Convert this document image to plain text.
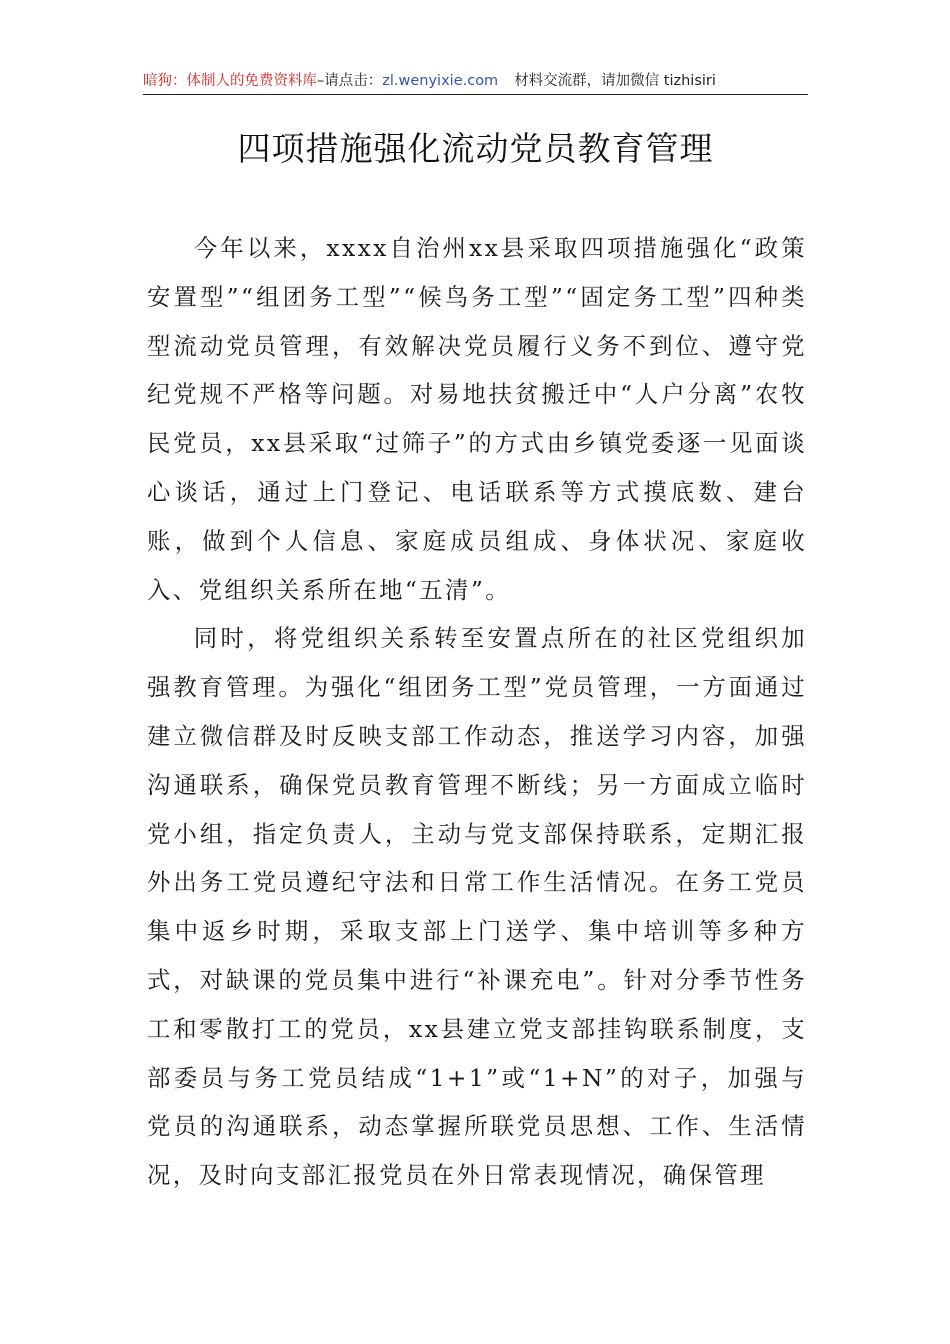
暗狗：体制人的免费资料库–请点击：zl.wenyixie.com 材料交流群，请加微信 tizhisiri
四项措施强化流动党员教育管理

今年以来，xxxx自治州xx县采取四项措施强化“政策安置型”“组团务工型”“候鸟务工型”“固定务工型”四种类型流动党员管理，有效解决党员履行义务不到位、遵守党纪党规不严格等问题。对易地扶贫搬迁中“人户分离”农牧民党员，xx县采取“过筛子”的方式由乡镇党委逐一见面谈心谈话，通过上门登记、电话联系等方式摸底数、建台账，做到个人信息、家庭成员组成、身体状况、家庭收入、党组织关系所在地“五清”。

同时，将党组织关系转至安置点所在的社区党组织加强教育管理。为强化“组团务工型”党员管理，一方面通过建立微信群及时反映支部工作动态，推送学习内容，加强沟通联系，确保党员教育管理不断线；另一方面成立临时党小组，指定负责人，主动与党支部保持联系，定期汇报外出务工党员遵纪守法和日常工作生活情况。在务工党员集中返乡时期，采取支部上门送学、集中培训等多种方式，对缺课的党员集中进行“补课充电”。针对分季节性务工和零散打工的党员，xx县建立党支部挂钩联系制度，支部委员与务工党员结成“1+1”或“1+N”的对子，加强与党员的沟通联系，动态掌握所联党员思想、工作、生活情况，及时向支部汇报党员在外日常表现情况，确保管理
